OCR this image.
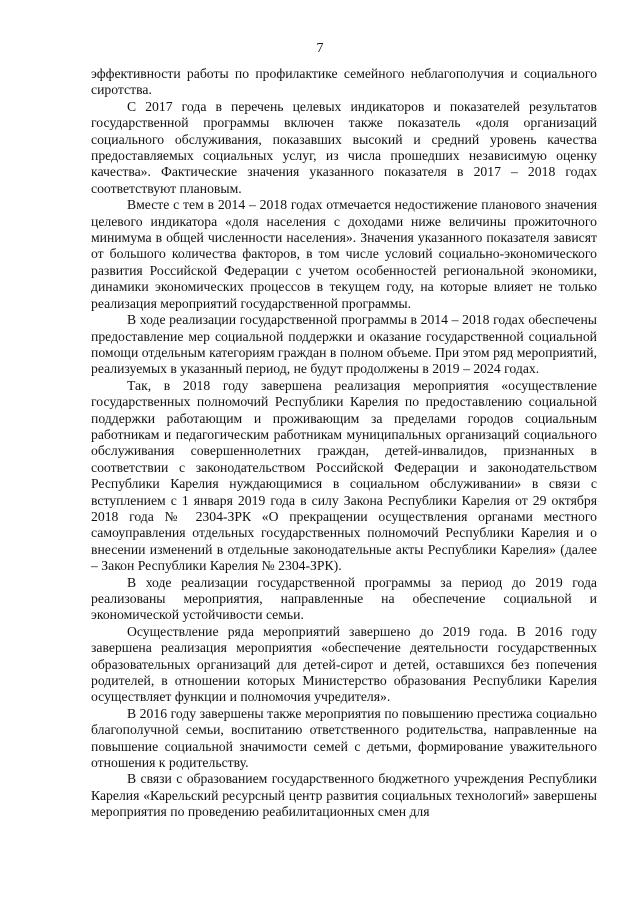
7

эффективности работы по профилактике семейного неблагополучия и социального сиротства.

С 2017 года в перечень целевых индикаторов и показателей результатов государственной программы включен также показатель «доля организаций социального обслуживания, показавших высокий и средний уровень качества предоставляемых социальных услуг, из числа прошедших независимую оценку качества». Фактические значения указанного показателя в 2017 – 2018 годах соответствуют плановым.

Вместе с тем в 2014 – 2018 годах отмечается недостижение планового значения целевого индикатора «доля населения с доходами ниже величины прожиточного минимума в общей численности населения». Значения указанного показателя зависят от большого количества факторов, в том числе условий социально-экономического развития Российской Федерации с учетом особенностей региональной экономики, динамики экономических процессов в текущем году, на которые влияет не только реализация мероприятий государственной программы.

В ходе реализации государственной программы в 2014 – 2018 годах обеспечены предоставление мер социальной поддержки и оказание государственной социальной помощи отдельным категориям граждан в полном объеме. При этом ряд мероприятий, реализуемых в указанный период, не будут продолжены в 2019 – 2024 годах.

Так, в 2018 году завершена реализация мероприятия «осуществление государственных полномочий Республики Карелия по предоставлению социальной поддержки работающим и проживающим за пределами городов социальным работникам и педагогическим работникам муниципальных организаций социального обслуживания совершеннолетних граждан, детей-инвалидов, признанных в соответствии с законодательством Российской Федерации и законодательством Республики Карелия нуждающимися в социальном обслуживании» в связи с вступлением с 1 января 2019 года в силу Закона Республики Карелия от 29 октября 2018 года № 2304-ЗРК «О прекращении осуществления органами местного самоуправления отдельных государственных полномочий Республики Карелия и о внесении изменений в отдельные законодательные акты Республики Карелия» (далее – Закон Республики Карелия № 2304-ЗРК).

В ходе реализации государственной программы за период до 2019 года реализованы мероприятия, направленные на обеспечение социальной и экономической устойчивости семьи.

Осуществление ряда мероприятий завершено до 2019 года. В 2016 году завершена реализация мероприятия «обеспечение деятельности государственных образовательных организаций для детей-сирот и детей, оставшихся без попечения родителей, в отношении которых Министерство образования Республики Карелия осуществляет функции и полномочия учредителя».

В 2016 году завершены также мероприятия по повышению престижа социально благополучной семьи, воспитанию ответственного родительства, направленные на повышение социальной значимости семей с детьми, формирование уважительного отношения к родительству.

В связи с образованием государственного бюджетного учреждения Республики Карелия «Карельский ресурсный центр развития социальных технологий» завершены мероприятия по проведению реабилитационных смен для
